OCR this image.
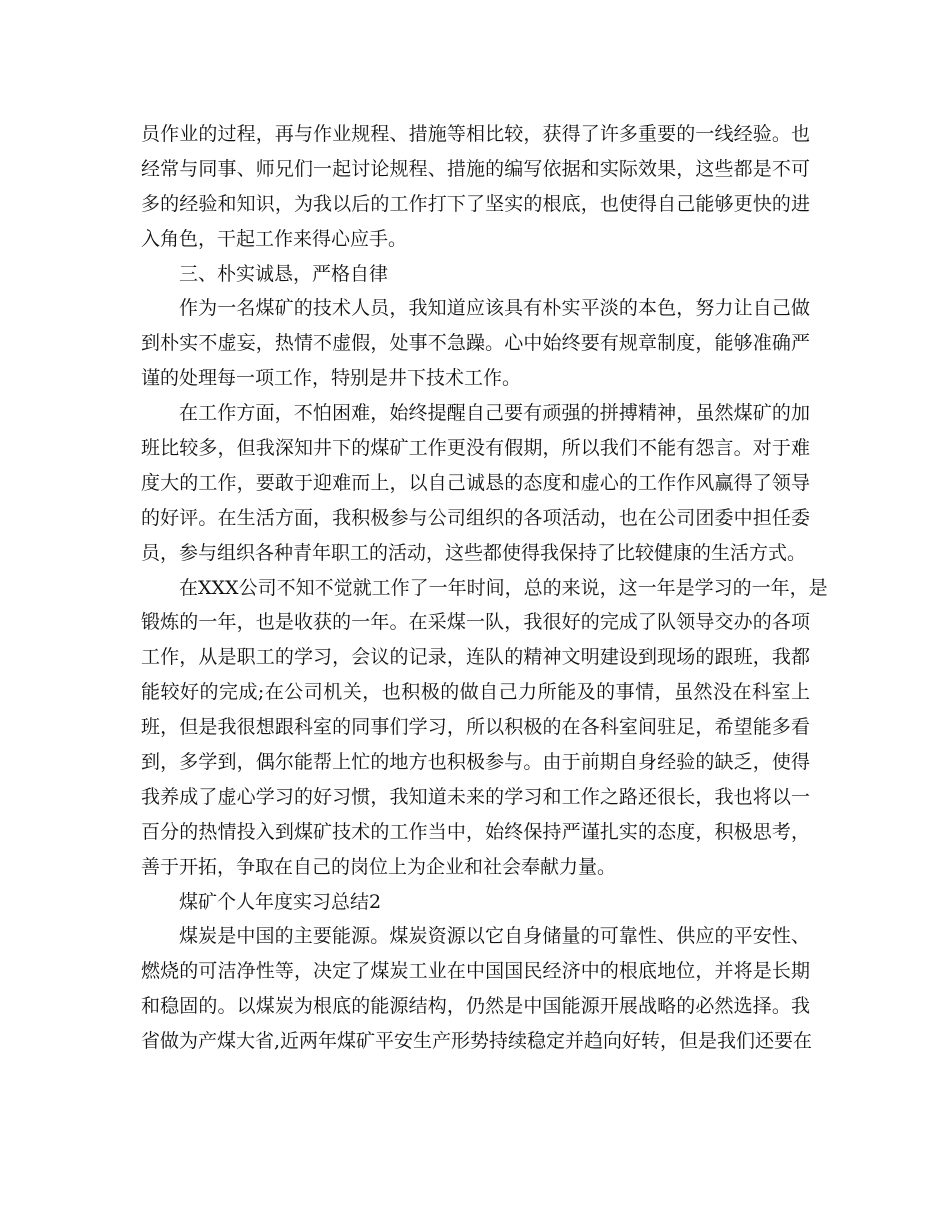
员作业的过程，再与作业规程、措施等相比较，获得了许多重要的一线经验。也
经常与同事、师兄们一起讨论规程、措施的编写依据和实际效果，这些都是不可
多的经验和知识，为我以后的工作打下了坚实的根底，也使得自己能够更快的进
入角色，干起工作来得心应手。
三、朴实诚恳，严格自律
作为一名煤矿的技术人员，我知道应该具有朴实平淡的本色，努力让自己做
到朴实不虚妄，热情不虚假，处事不急躁。心中始终要有规章制度，能够准确严
谨的处理每一项工作，特别是井下技术工作。
在工作方面，不怕困难，始终提醒自己要有顽强的拼搏精神，虽然煤矿的加
班比较多，但我深知井下的煤矿工作更没有假期，所以我们不能有怨言。对于难
度大的工作，要敢于迎难而上，以自己诚恳的态度和虚心的工作作风赢得了领导
的好评。在生活方面，我积极参与公司组织的各项活动，也在公司团委中担任委
员，参与组织各种青年职工的活动，这些都使得我保持了比较健康的生活方式。
在XXX公司不知不觉就工作了一年时间，总的来说，这一年是学习的一年，是
锻炼的一年，也是收获的一年。在采煤一队，我很好的完成了队领导交办的各项
工作，从是职工的学习，会议的记录，连队的精神文明建设到现场的跟班，我都
能较好的完成;在公司机关，也积极的做自己力所能及的事情，虽然没在科室上
班，但是我很想跟科室的同事们学习，所以积极的在各科室间驻足，希望能多看
到，多学到，偶尔能帮上忙的地方也积极参与。由于前期自身经验的缺乏，使得
我养成了虚心学习的好习惯，我知道未来的学习和工作之路还很长，我也将以一
百分的热情投入到煤矿技术的工作当中，始终保持严谨扎实的态度，积极思考，
善于开拓，争取在自己的岗位上为企业和社会奉献力量。
煤矿个人年度实习总结2
煤炭是中国的主要能源。煤炭资源以它自身储量的可靠性、供应的平安性、
燃烧的可洁净性等，决定了煤炭工业在中国国民经济中的根底地位，并将是长期
和稳固的。以煤炭为根底的能源结构，仍然是中国能源开展战略的必然选择。我
省做为产煤大省,近两年煤矿平安生产形势持续稳定并趋向好转，但是我们还要在
